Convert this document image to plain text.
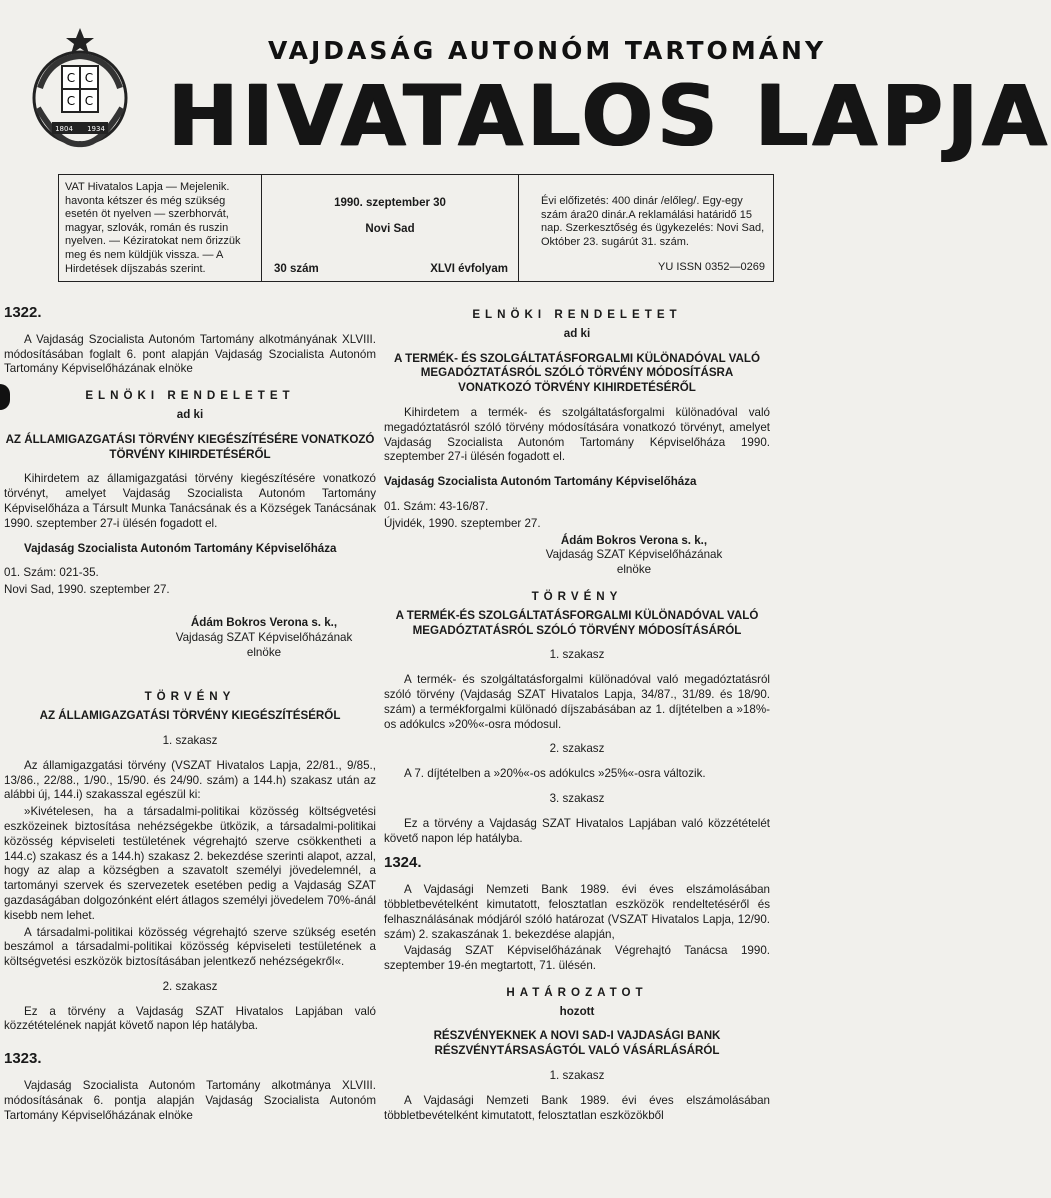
C C
C C
1804 1934
VAJDASÁG AUTONÓM TARTOMÁNY
HIVATALOS LAPJA
VAT Hivatalos Lapja — Mejelenik. havonta kétszer és még szükség esetén öt nyelven — szerbhorvát, magyar, szlovák, román és ruszin nyelven. — Kéziratokat nem őrizzük meg és nem küldjük vissza. — A Hirdetések díjszabás szerint.
1990. szeptember 30
Novi Sad
30 szám	XLVI évfolyam
Évi előfizetés: 400 dinár /előleg/. Egy-egy szám ára20 dinár.A reklamálási határidő 15 nap. Szerkesztőség és ügykezelés: Novi Sad, Október 23. sugárút 31. szám.
YU ISSN 0352—0269
1322.

A Vajdaság Szocialista Autonóm Tartomány alkotmányának XLVIII. módosításában foglalt 6. pont alapján Vajdaság Szocialista Autonóm Tartomány Képviselőházának elnöke

ELNÖKI RENDELETET
ad ki
AZ ÁLLAMIGAZGATÁSI TÖRVÉNY KIEGÉSZÍTÉSÉRE VONATKOZÓ TÖRVÉNY KIHIRDETÉSÉRŐL

Kihirdetem az államigazgatási törvény kiegészítésére vonatkozó törvényt, amelyet Vajdaság Szocialista Autonóm Tartomány Képviselőháza a Társult Munka Tanácsának és a Községek Tanácsának 1990. szeptember 27-i ülésén fogadott el.

Vajdaság Szocialista Autonóm Tartomány Képviselőháza

01. Szám: 021-35.

Novi Sad, 1990. szeptember 27.

Ádám Bokros Verona s. k.,
Vajdaság SZAT Képviselőházának
elnöke
TÖRVÉNY
AZ ÁLLAMIGAZGATÁSI TÖRVÉNY KIEGÉSZÍTÉSÉRŐL
1. szakasz

Az államigazgatási törvény (VSZAT Hivatalos Lapja, 22/81., 9/85., 13/86., 22/88., 1/90., 15/90. és 24/90. szám) a 144.h) szakasz után az alábbi új, 144.i) szakasszal egészül ki:

»Kivételesen, ha a társadalmi-politikai közösség költségvetési eszközeinek biztosítása nehézségekbe ütközik, a társadalmi-politikai közösség képviseleti testületének végrehajtó szerve csökkentheti a 144.c) szakasz és a 144.h) szakasz 2. bekezdése szerinti alapot, azzal, hogy az alap a községben a szavatolt személyi jövedelemnél, a tartományi szervek és szervezetek esetében pedig a Vajdaság SZAT gazdaságában dolgozónként elért átlagos személyi jövedelem 70%-ánál kisebb nem lehet.

A társadalmi-politikai közösség végrehajtó szerve szükség esetén beszámol a társadalmi-politikai közösség képviseleti testületének a költségvetési eszközök biztosításában jelentkező nehézségekről«.

2. szakasz

Ez a törvény a Vajdaság SZAT Hivatalos Lapjában való közzétételének napját követő napon lép hatályba.

1323.

Vajdaság Szocialista Autonóm Tartomány alkotmánya XLVIII. módosításának 6. pontja alapján Vajdaság Szocialista Autonóm Tartomány Képviselőházának elnöke

ELNÖKI RENDELETET
ad ki
A TERMÉK- ÉS SZOLGÁLTATÁSFORGALMI KÜLÖNADÓVAL VALÓ MEGADÓZTATÁSRÓL SZÓLÓ TÖRVÉNY MÓDOSÍTÁSRA VONATKOZÓ TÖRVÉNY KIHIRDETÉSÉRŐL

Kihirdetem a termék- és szolgáltatásforgalmi különadóval való megadóztatásról szóló törvény módosítására vonatkozó törvényt, amelyet Vajdaság Szocialista Autonóm Tartomány Képviselőháza 1990. szeptember 27-i ülésén fogadott el.

Vajdaság Szocialista Autonóm Tartomány Képviselőháza

01. Szám: 43-16/87.

Újvidék, 1990. szeptember 27.

Ádám Bokros Verona s. k.,
Vajdaság SZAT Képviselőházának
elnöke
TÖRVÉNY
A TERMÉK-ÉS SZOLGÁLTATÁSFORGALMI KÜLÖNADÓVAL VALÓ MEGADÓZTATÁSRÓL SZÓLÓ TÖRVÉNY MÓDOSÍTÁSÁRÓL
1. szakasz

A termék- és szolgáltatásforgalmi különadóval való megadóztatásról szóló törvény (Vajdaság SZAT Hivatalos Lapja, 34/87., 31/89. és 18/90. szám) a termékforgalmi különadó díjszabásában az 1. díjtételben a »18%-os adókulcs »20%«-osra módosul.

2. szakasz

A 7. díjtételben a »20%«-os adókulcs »25%«-osra változik.

3. szakasz

Ez a törvény a Vajdaság SZAT Hivatalos Lapjában való közzétételét követő napon lép hatályba.

1324.

A Vajdasági Nemzeti Bank 1989. évi éves elszámolásában többletbevételként kimutatott, felosztatlan eszközök rendeltetéséről és felhasználásának módjáról szóló határozat (VSZAT Hivatalos Lapja, 12/90. szám) 2. szakaszának 1. bekezdése alapján,

Vajdaság SZAT Képviselőházának Végrehajtó Tanácsa 1990. szeptember 19-én megtartott, 71. ülésén.

HATÁROZATOT
hozott
RÉSZVÉNYEKNEK A NOVI SAD-I VAJDASÁGI BANK RÉSZVÉNYTÁRSASÁGTÓL VALÓ VÁSÁRLÁSÁRÓL
1. szakasz

A Vajdasági Nemzeti Bank 1989. évi éves elszámolásában többletbevételként kimutatott, felosztatlan eszközökből
